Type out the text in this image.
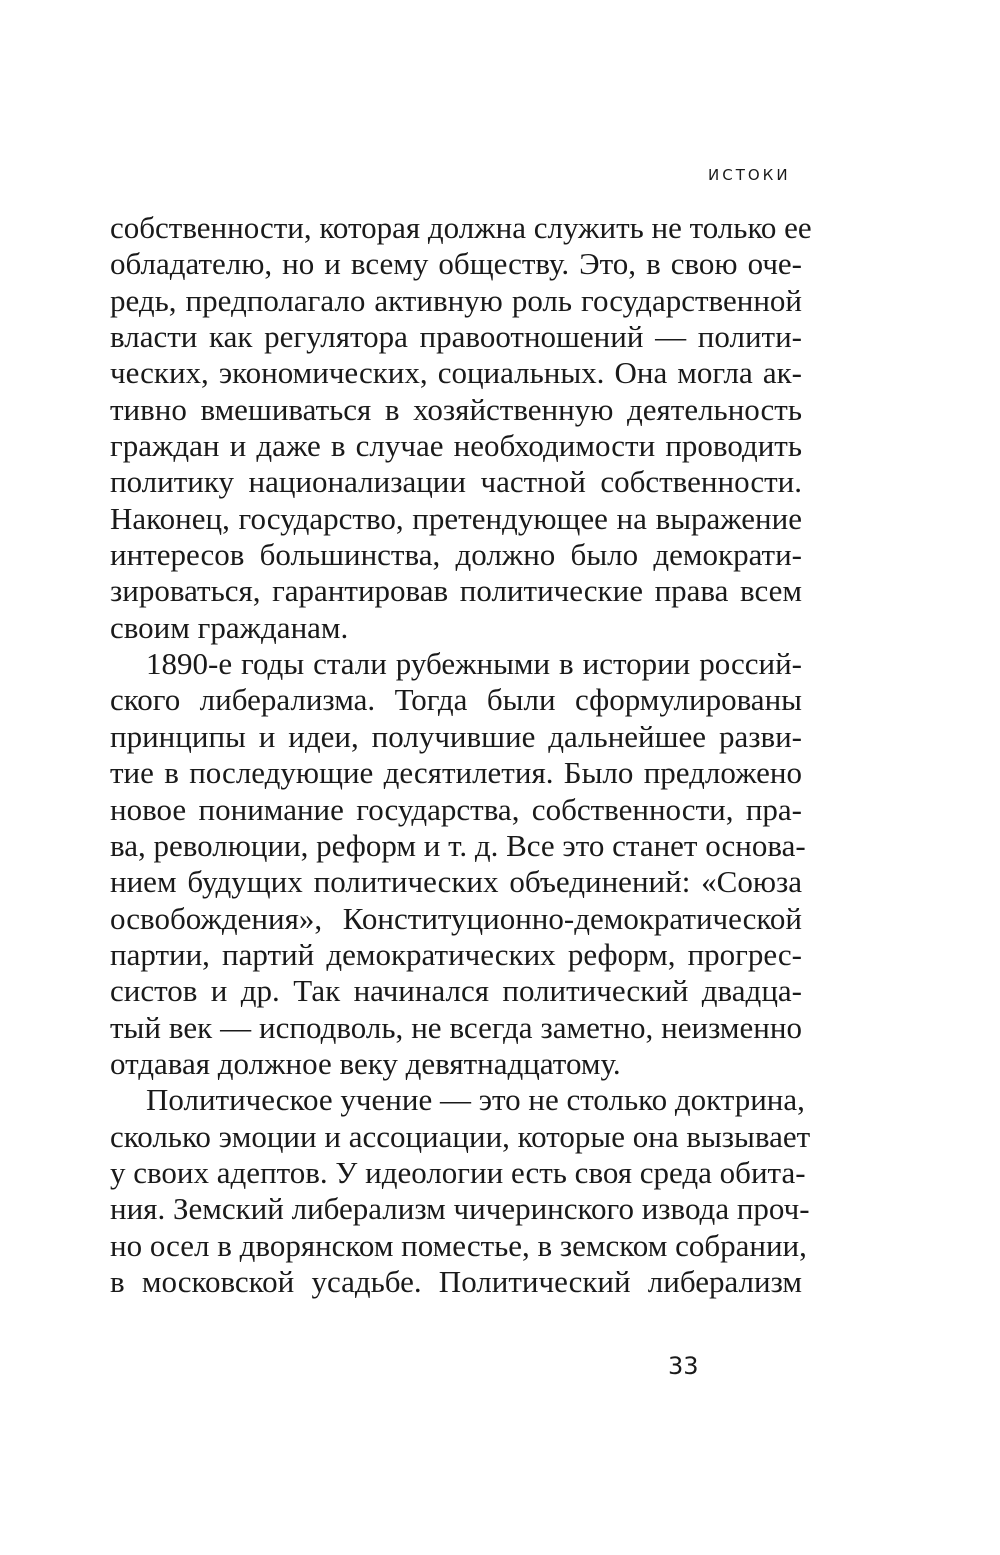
ИСТОКИ
собственности, которая должна служить не только ее
обладателю, но и всему обществу. Это, в свою оче-
редь, предполагало активную роль государственной
власти как регулятора правоотношений — полити-
ческих, экономических, социальных. Она могла ак-
тивно вмешиваться в хозяйственную деятельность
граждан и даже в случае необходимости проводить
политику национализации частной собственности.
Наконец, государство, претендующее на выражение
интересов большинства, должно было демократи-
зироваться, гарантировав политические права всем
своим гражданам.
1890-е годы стали рубежными в истории россий-
ского либерализма. Тогда были сформулированы
принципы и идеи, получившие дальнейшее разви-
тие в последующие десятилетия. Было предложено
новое понимание государства, собственности, пра-
ва, революции, реформ и т. д. Все это станет основа-
нием будущих политических объединений: «Союза
освобождения», Конституционно-демократической
партии, партий демократических реформ, прогрес-
систов и др. Так начинался политический двадца-
тый век — исподволь, не всегда заметно, неизменно
отдавая должное веку девятнадцатому.
Политическое учение — это не столько доктрина,
сколько эмоции и ассоциации, которые она вызывает
у своих адептов. У идеологии есть своя среда обита-
ния. Земский либерализм чичеринского извода проч-
но осел в дворянском поместье, в земском собрании,
в московской усадьбе. Политический либерализм
33
